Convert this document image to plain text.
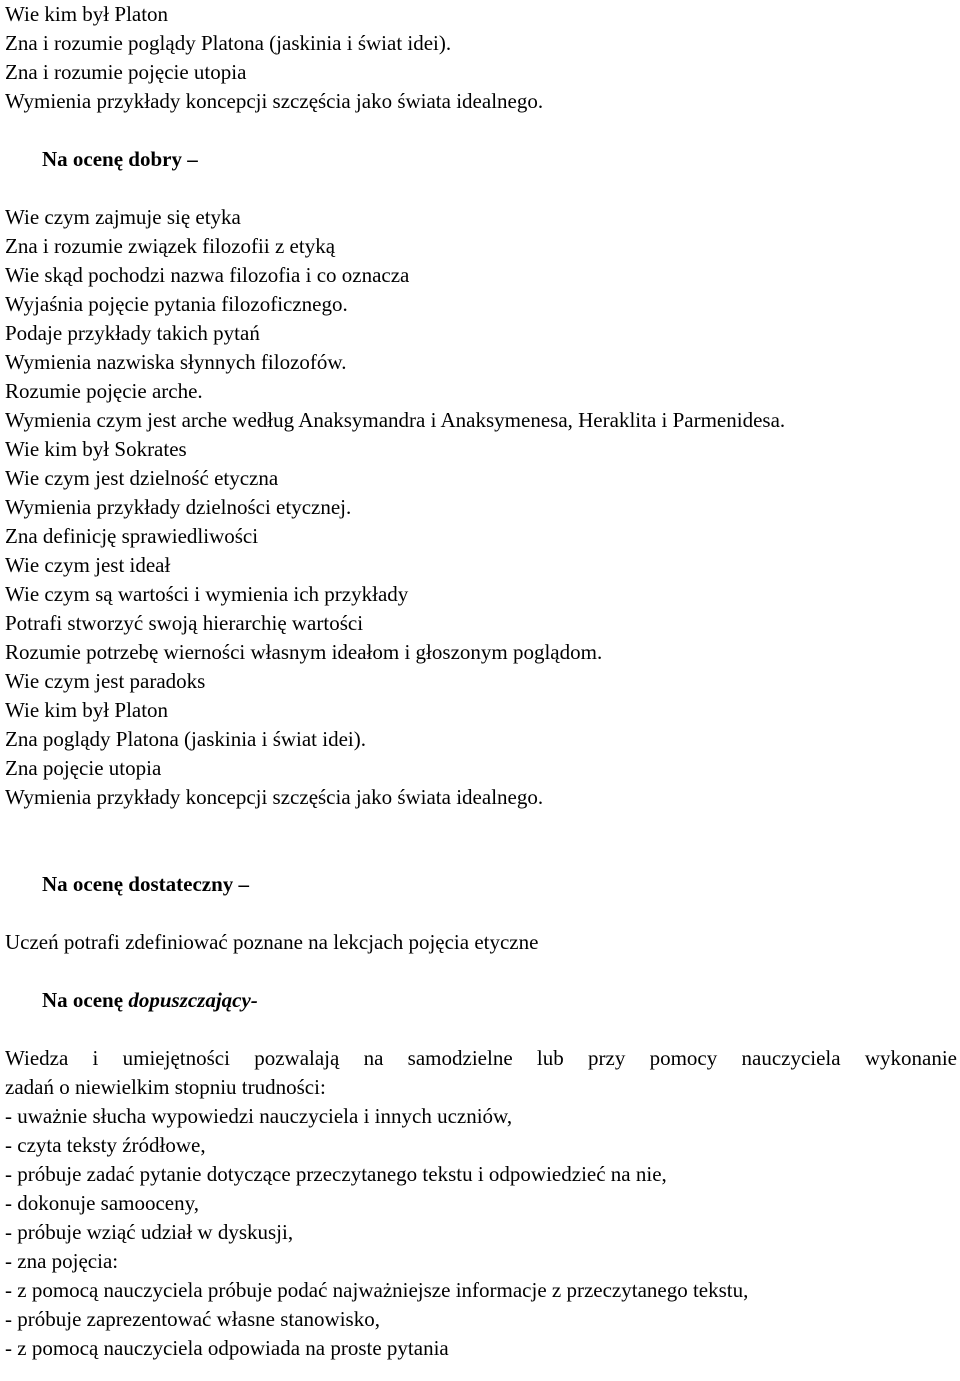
Wie kim był Platon
Zna i rozumie poglądy Platona (jaskinia i świat idei).
Zna i rozumie pojęcie utopia
Wymienia przykłady koncepcji szczęścia jako świata idealnego.
Na ocenę dobry –
Wie czym zajmuje się etyka
Zna i rozumie związek filozofii z etyką
Wie skąd pochodzi nazwa filozofia i co oznacza
Wyjaśnia pojęcie pytania filozoficznego.
Podaje przykłady takich pytań
Wymienia nazwiska słynnych filozofów.
Rozumie pojęcie arche.
Wymienia czym jest arche według Anaksymandra i Anaksymenesa, Heraklita i Parmenidesa.
Wie kim był Sokrates
Wie czym jest dzielność etyczna
Wymienia przykłady dzielności etycznej.
Zna definicję sprawiedliwości
Wie czym jest ideał
Wie czym są wartości i wymienia ich przykłady
Potrafi stworzyć swoją hierarchię wartości
Rozumie potrzebę wierności własnym ideałom i głoszonym poglądom.
Wie czym jest paradoks
Wie kim był Platon
Zna poglądy Platona (jaskinia i świat idei).
Zna pojęcie utopia
Wymienia przykłady koncepcji szczęścia jako świata idealnego.
Na ocenę dostateczny –
Uczeń potrafi zdefiniować poznane na lekcjach pojęcia etyczne
Na ocenę dopuszczający-
Wiedza i umiejętności pozwalają na samodzielne lub przy pomocy nauczyciela wykonanie
zadań o niewielkim stopniu trudności:
- uważnie słucha wypowiedzi nauczyciela i innych uczniów,
- czyta teksty źródłowe,
- próbuje zadać pytanie dotyczące przeczytanego tekstu i odpowiedzieć na nie,
- dokonuje samooceny,
- próbuje wziąć udział w dyskusji,
- zna pojęcia:
- z pomocą nauczyciela próbuje podać najważniejsze informacje z przeczytanego tekstu,
- próbuje zaprezentować własne stanowisko,
- z pomocą nauczyciela odpowiada na proste pytania
